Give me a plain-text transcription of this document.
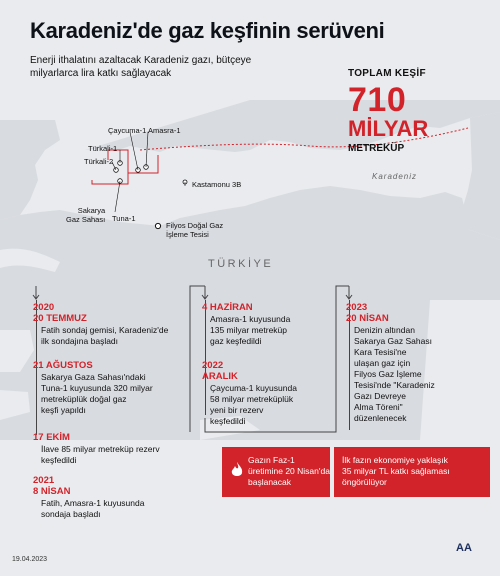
Karadeniz'de gaz keşfinin serüveni
Enerji ithalatını azaltacak Karadeniz gazı, bütçeye milyarlarca lira katkı sağlayacak	TOPLAM KEŞİF
710
MİLYAR
METREKÜP
Çaycuma-1 Amasra-1
Türkali-1
Türkali-2
Kastamonu 3B
Sakarya
Gaz Sahası Tuna-1
Filyos Doğal Gaz
İşleme Tesisi
Karadeniz
TÜRKİYE
2020
20 TEMMUZ
Fatih sondaj gemisi, Karadeniz'de
ilk sondajına başladı
21 AĞUSTOS
Sakarya Gaza Sahası'ndaki
Tuna-1 kuyusunda 320 milyar
metreküplük doğal gaz
keşfi yapıldı
17 EKİM
İlave 85 milyar metreküp rezerv
keşfedildi
2021
8 NİSAN
Fatih, Amasra-1 kuyusunda
sondaja başladı
4 HAZİRAN
Amasra-1 kuyusunda
135 milyar metreküp
gaz keşfedildi
2022
ARALIK
Çaycuma-1 kuyusunda
58 milyar metreküplük
yeni bir rezerv
keşfedildi
2023
20 NİSAN
Denizin altından
Sakarya Gaz Sahası
Kara Tesisi'ne
ulaşan gaz için
Filyos Gaz İşleme
Tesisi'nde "Karadeniz
Gazı Devreye
Alma Töreni"
düzenlenecek
Gazın Faz-1
üretimine 20 Nisan'da
başlanacak
İlk fazın ekonomiye yaklaşık
35 milyar TL katkı sağlaması
öngörülüyor
19.04.2023
AA
